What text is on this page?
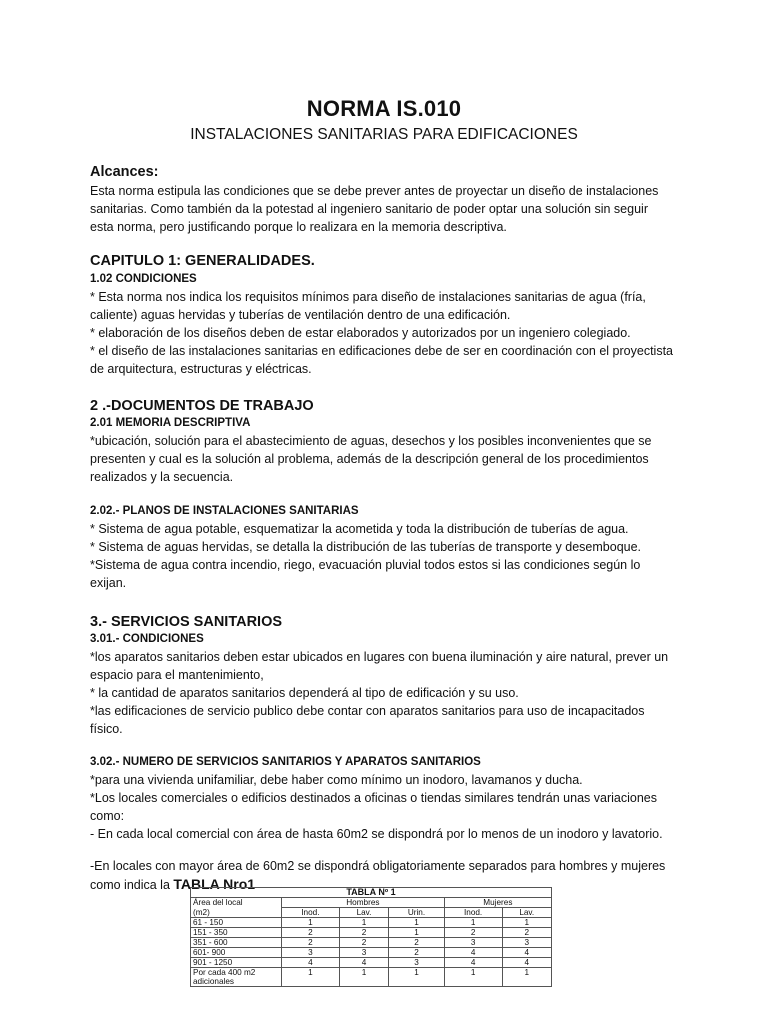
NORMA IS.010
INSTALACIONES SANITARIAS PARA EDIFICACIONES
Alcances:
Esta norma estipula las condiciones que se debe prever antes de proyectar un diseño de instalaciones
sanitarias. Como también da la potestad al ingeniero sanitario de poder optar una solución sin seguir
esta norma, pero justificando porque lo realizara en la memoria descriptiva.
CAPITULO 1: GENERALIDADES.
1.02 CONDICIONES
* Esta norma nos indica los requisitos mínimos para diseño de instalaciones sanitarias de agua (fría,
caliente) aguas hervidas y tuberías de ventilación dentro de una edificación.
* elaboración de los diseños deben de estar elaborados y autorizados por un ingeniero colegiado.
* el diseño de las instalaciones sanitarias en edificaciones debe de ser en coordinación con el proyectista
de arquitectura, estructuras y eléctricas.
2 .-DOCUMENTOS DE TRABAJO
2.01 MEMORIA DESCRIPTIVA
*ubicación, solución para el abastecimiento de aguas, desechos y los posibles inconvenientes que se
presenten y cual es la solución al problema, además de la descripción general de los procedimientos
realizados y la secuencia.
2.02.- PLANOS DE INSTALACIONES SANITARIAS
* Sistema de agua potable, esquematizar la acometida y toda la distribución de tuberías de agua.
* Sistema de aguas hervidas, se detalla la distribución de las tuberías de transporte y desemboque.
*Sistema de agua contra incendio, riego, evacuación pluvial todos estos si las condiciones según lo
exijan.
3.- SERVICIOS SANITARIOS
3.01.- CONDICIONES
*los aparatos sanitarios deben estar ubicados en lugares con buena iluminación y aire natural, prever un
espacio para el mantenimiento,
* la cantidad de aparatos sanitarios dependerá al tipo de edificación y su uso.
*las edificaciones de servicio publico debe contar con aparatos sanitarios para uso de incapacitados
físico.
3.02.- NUMERO DE SERVICIOS SANITARIOS Y APARATOS SANITARIOS
*para una vivienda unifamiliar, debe haber como mínimo un inodoro, lavamanos y ducha.
*Los locales comerciales o edificios destinados a oficinas o tiendas similares tendrán unas variaciones
como:
- En cada local comercial con área de hasta 60m2 se dispondrá por lo menos de un inodoro y lavatorio.
-En locales con mayor área de 60m2 se dispondrá obligatoriamente separados para hombres y mujeres
como indica la TABLA Nro1	TABLA Nº 1					
Área del local	Hombres			Mujeres	
(m2)	Inod.	Lav.	Urin.	Inod.	Lav.
61 - 150	1	1	1	1	1
151 - 350	2	2	1	2	2
351 - 600	2	2	2	3	3
601- 900	3	3	2	4	4
901 - 1250	4	4	3	4	4

Por cada 400 m2
adicionales	1	1	1	1	1
